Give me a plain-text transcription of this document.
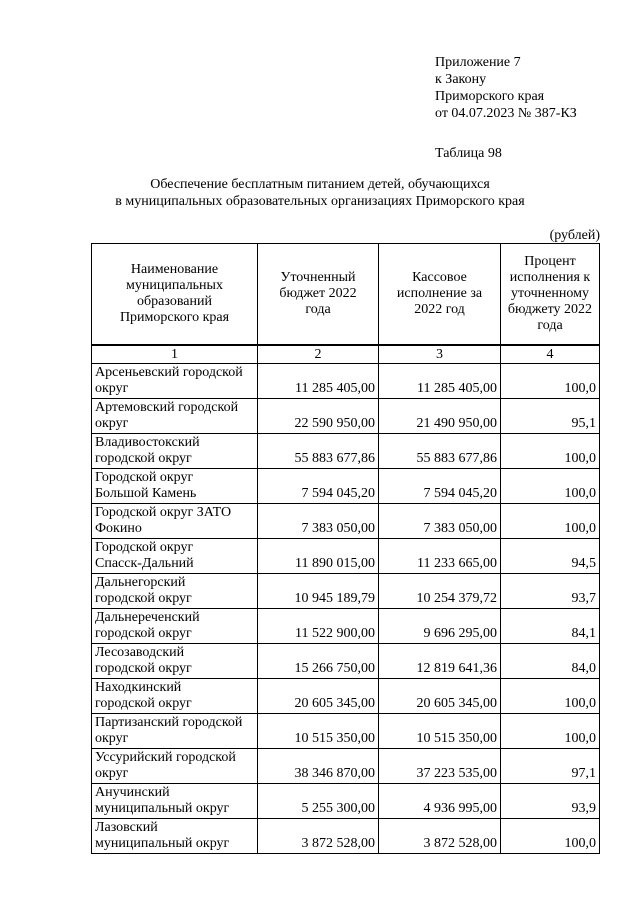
Приложение 7
к Закону
Приморского края
от 04.07.2023 № 387-КЗ
Таблица 98
Обеспечение бесплатным питанием детей, обучающихся
в муниципальных образовательных организациях Приморского края
(рублей)
Наименование муниципальных образований Приморского края	Уточненный бюджет 2022 года	Кассовое исполнение за 2022 год	Процент исполнения к уточненному бюджету 2022 года
1	2	3	4

Арсеньевский городской
округ	11 285 405,00	11 285 405,00	100,0

Артемовский городской
округ	22 590 950,00	21 490 950,00	95,1

Владивостокский
городской округ	55 883 677,86	55 883 677,86	100,0

Городской округ
Большой Камень	7 594 045,20	7 594 045,20	100,0

Городской округ ЗАТО
Фокино	7 383 050,00	7 383 050,00	100,0

Городской округ
Спасск-Дальний	11 890 015,00	11 233 665,00	94,5

Дальнегорский
городской округ	10 945 189,79	10 254 379,72	93,7

Дальнереченский
городской округ	11 522 900,00	9 696 295,00	84,1

Лесозаводский
городской округ	15 266 750,00	12 819 641,36	84,0

Находкинский
городской округ	20 605 345,00	20 605 345,00	100,0

Партизанский городской
округ	10 515 350,00	10 515 350,00	100,0

Уссурийский городской
округ	38 346 870,00	37 223 535,00	97,1

Анучинский
муниципальный округ	5 255 300,00	4 936 995,00	93,9

Лазовский
муниципальный округ	3 872 528,00	3 872 528,00	100,0
